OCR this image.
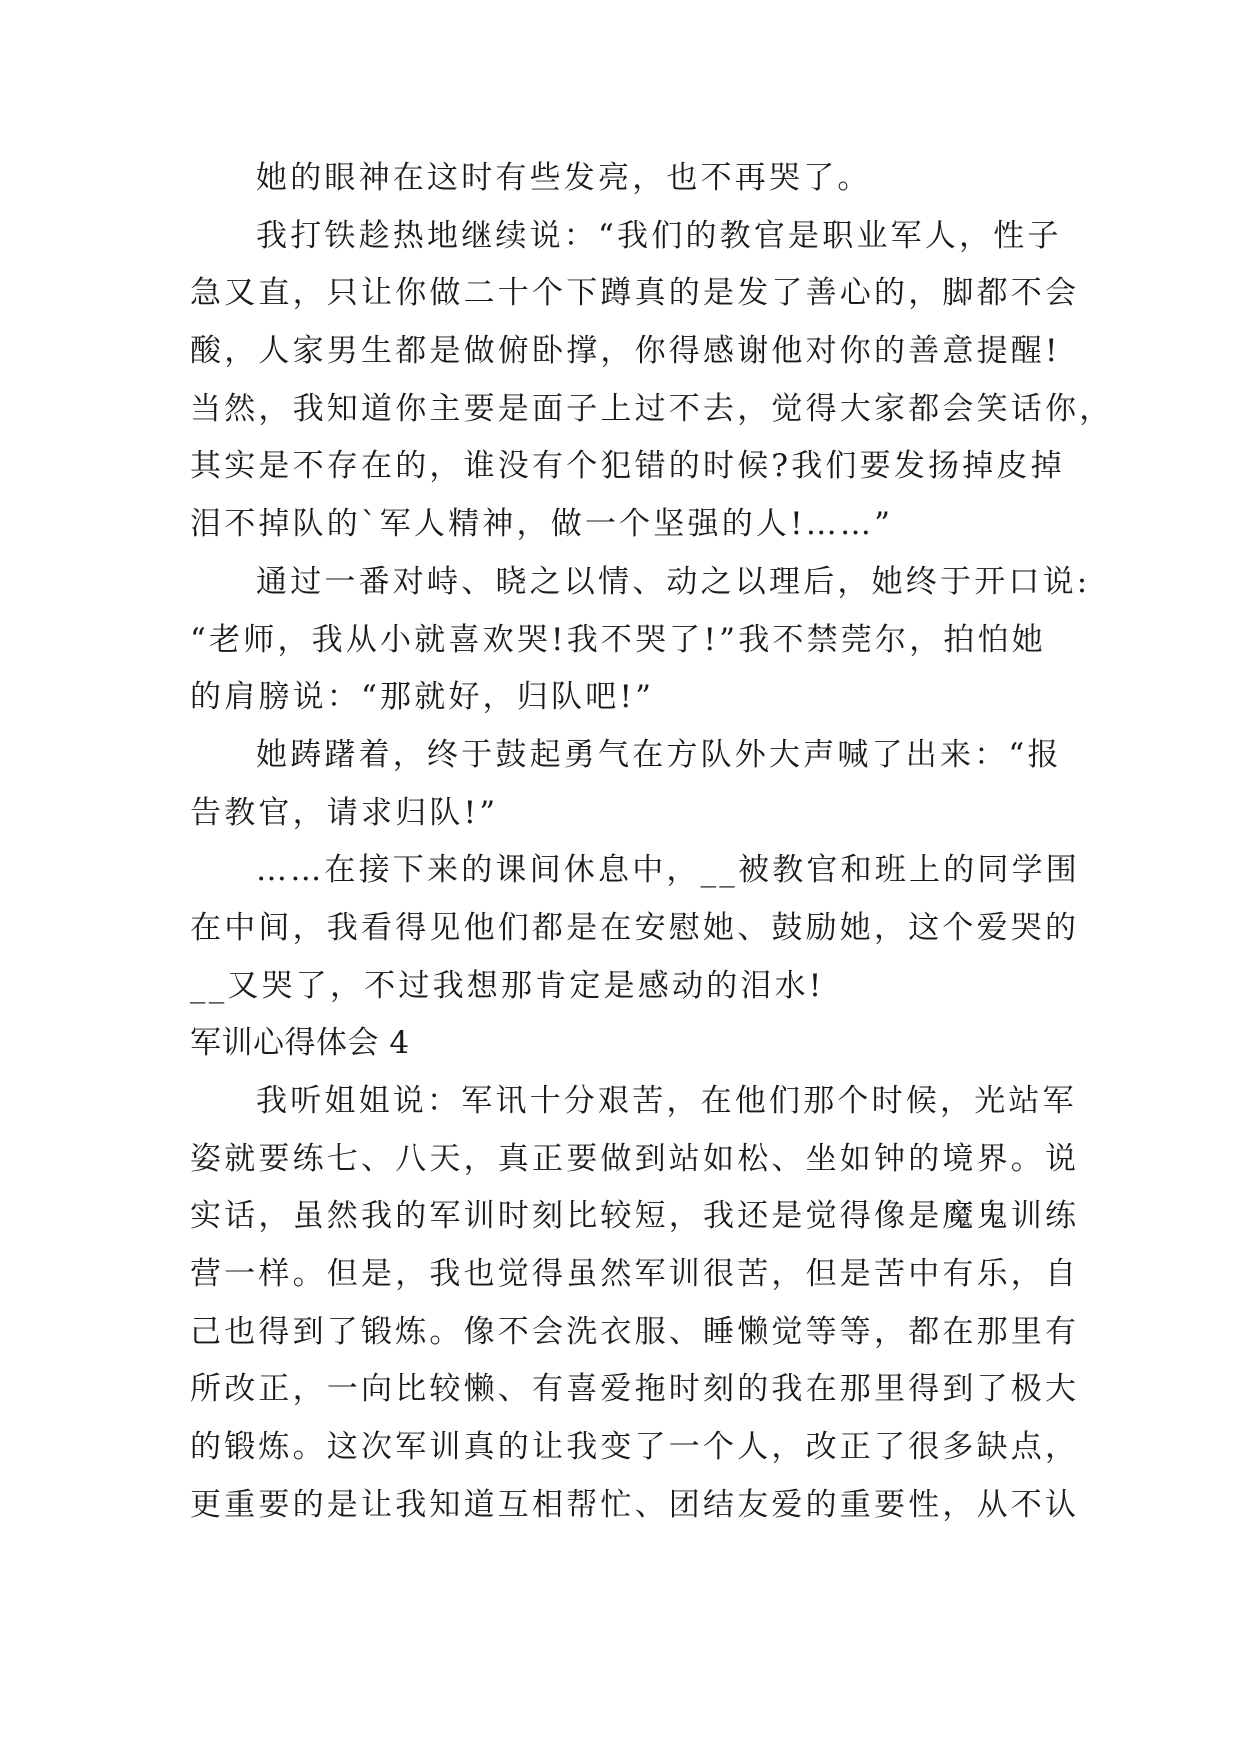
她的眼神在这时有些发亮，也不再哭了。
我打铁趁热地继续说：“我们的教官是职业军人，性子
急又直，只让你做二十个下蹲真的是发了善心的，脚都不会
酸，人家男生都是做俯卧撑，你得感谢他对你的善意提醒!
当然，我知道你主要是面子上过不去，觉得大家都会笑话你，
其实是不存在的，谁没有个犯错的时候?我们要发扬掉皮掉
泪不掉队的`军人精神，做一个坚强的人!……”
通过一番对峙、晓之以情、动之以理后，她终于开口说:
“老师，我从小就喜欢哭!我不哭了!”我不禁莞尔，拍怕她
的肩膀说：“那就好，归队吧!”
她踌躇着，终于鼓起勇气在方队外大声喊了出来：“报
告教官，请求归队!”
……在接下来的课间休息中，__被教官和班上的同学围
在中间，我看得见他们都是在安慰她、鼓励她，这个爱哭的
__又哭了，不过我想那肯定是感动的泪水!
军训心得体会 4
我听姐姐说：军讯十分艰苦，在他们那个时候，光站军
姿就要练七、八天，真正要做到站如松、坐如钟的境界。说
实话，虽然我的军训时刻比较短，我还是觉得像是魔鬼训练
营一样。但是，我也觉得虽然军训很苦，但是苦中有乐，自
己也得到了锻炼。像不会洗衣服、睡懒觉等等，都在那里有
所改正，一向比较懒、有喜爱拖时刻的我在那里得到了极大
的锻炼。这次军训真的让我变了一个人，改正了很多缺点，
更重要的是让我知道互相帮忙、团结友爱的重要性，从不认
